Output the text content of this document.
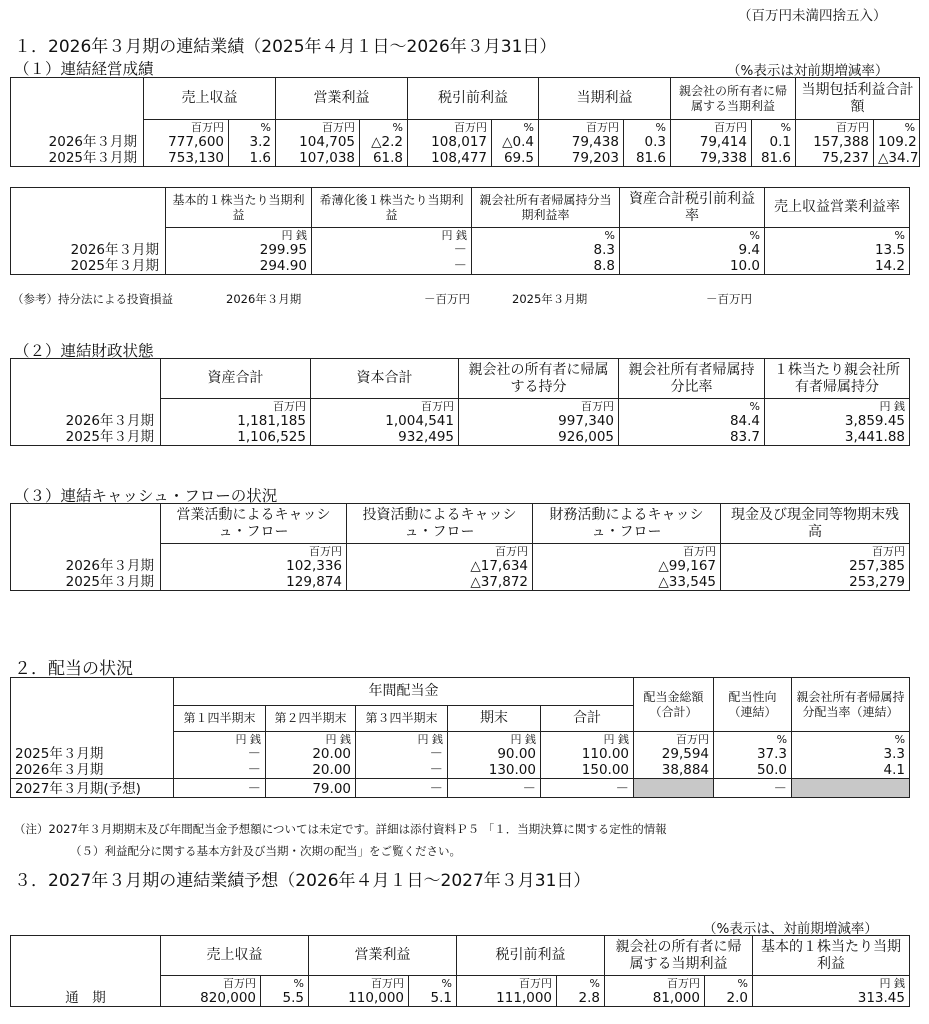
（百万円未満四捨五入）
１．2026年３月期の連結業績（2025年４月１日～2026年３月31日）
（１）連結経営成績	（%表示は対前期増減率）
	売上収益		営業利益		税引前利益		当期利益		親会社の所有者に帰属する当期利益		当期包括利益合計額	
	百万円	%	百万円	%	百万円	%	百万円	%	百万円	%	百万円	%
2026年３月期	777,600	3.2	104,705	△2.2	108,017	△0.4	79,438	0.3	79,414	0.1	157,388	109.2
2025年３月期	753,130	1.6	107,038	61.8	108,477	69.5	79,203	81.6	79,338	81.6	75,237	△34.7
	基本的１株当たり当期利益	希薄化後１株当たり当期利益	親会社所有者帰属持分当期利益率	資産合計税引前利益率	売上収益営業利益率
	円 銭	円 銭	%	%	%
2026年３月期	299.95	－	8.3	9.4	13.5
2025年３月期	294.90	－	8.8	10.0	14.2
（参考）持分法による投資損益	2026年３月期	－百万円	2025年３月期	－百万円
（２）連結財政状態
	資産合計	資本合計	親会社の所有者に帰属する持分	親会社所有者帰属持分比率	１株当たり親会社所有者帰属持分
	百万円	百万円	百万円	%	円 銭
2026年３月期	1,181,185	1,004,541	997,340	84.4	3,859.45
2025年３月期	1,106,525	932,495	926,005	83.7	3,441.88
（３）連結キャッシュ・フローの状況
	営業活動によるキャッシュ・フロー	投資活動によるキャッシュ・フロー	財務活動によるキャッシュ・フロー	現金及び現金同等物期末残高
	百万円	百万円	百万円	百万円
2026年３月期	102,336	△17,634	△99,167	257,385
2025年３月期	129,874	△37,872	△33,545	253,279
２．配当の状況
	年間配当金					配当金総額（合計）	配当性向（連結）	親会社所有者帰属持分配当率（連結）
	第１四半期末	第２四半期末	第３四半期末	期末	合計			
	円 銭	円 銭	円 銭	円 銭	円 銭	百万円	%	%
2025年３月期	－	20.00	－	90.00	110.00	29,594	37.3	3.3
2026年３月期	－	20.00	－	130.00	150.00	38,884	50.0	4.1
2027年３月期(予想)	－	79.00	－	－	－		－	
（注）2027年３月期期末及び年間配当金予想額については未定です。詳細は添付資料Ｐ５ 「１．当期決算に関する定性的情報
（５）利益配分に関する基本方針及び当期・次期の配当」をご覧ください。
３．2027年３月期の連結業績予想（2026年４月１日～2027年３月31日）
（%表示は、対前期増減率）
	売上収益		営業利益		税引前利益		親会社の所有者に帰属する当期利益		基本的１株当たり当期利益
	百万円	%	百万円	%	百万円	%	百万円	%	円 銭
通　期	820,000	5.5	110,000	5.1	111,000	2.8	81,000	2.0	313.45
